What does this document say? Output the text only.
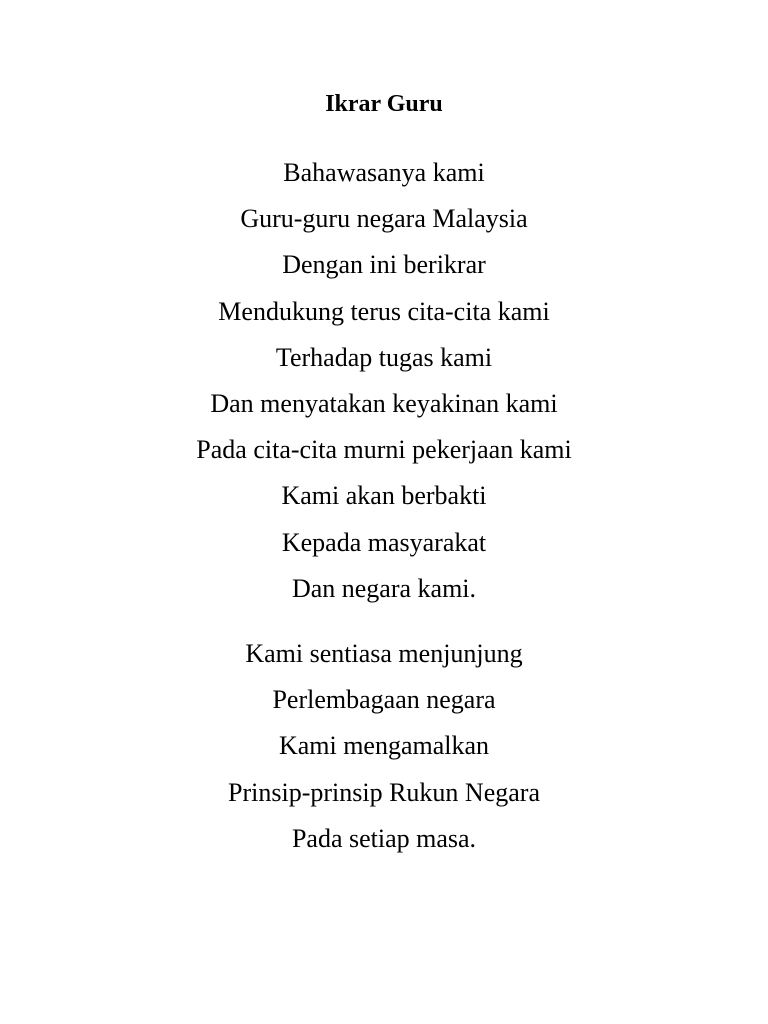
Ikrar Guru
Bahawasanya kami
Guru-guru negara Malaysia
Dengan ini berikrar
Mendukung terus cita-cita kami
Terhadap tugas kami
Dan menyatakan keyakinan kami
Pada cita-cita murni pekerjaan kami
Kami akan berbakti
Kepada masyarakat
Dan negara kami.
Kami sentiasa menjunjung
Perlembagaan negara
Kami mengamalkan
Prinsip-prinsip Rukun Negara
Pada setiap masa.
